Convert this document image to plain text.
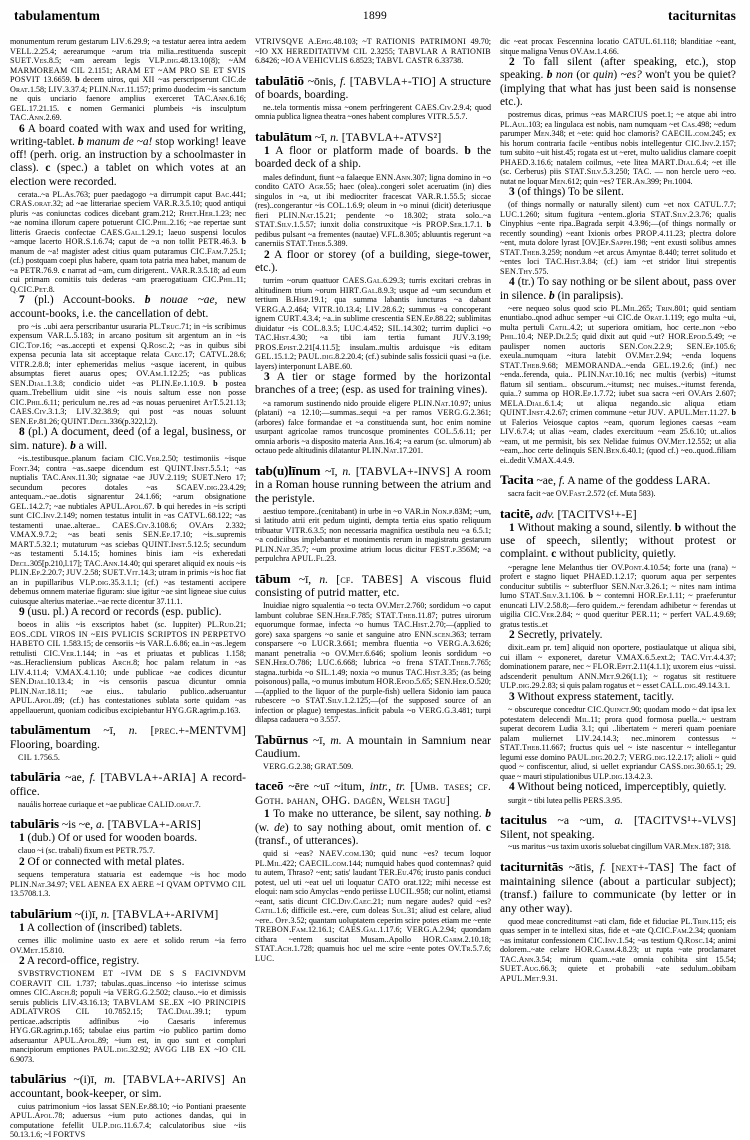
tabulamentum	1899	taciturnitas

monumentum rerum gestarum LIV.6.29.9; ~a testatur aerea intra aedem VELL.2.25.4; aerearumque ~arum tria milia..restituenda suscepit SUET.Ves.8.5; ~am aeream legis VLP.dig.48.13.10(8); ~AM MARMOREAM CIL 2.1151; ARAM ET ~AM PRO SE ET SVIS POSVIT 13.6659. b decem uiros, qui XII ~as perscripserunt CIC.de Orat.1.58; LIV.3.37.4; PLIN.Nat.11.157; primo duodecim ~is sanctum ne quis unciario faenore amplius exerceret TAC.Ann.6.16; GEL.17.21.15. c nomen Germanici plumbeis ~is insculptum TAC.Ann.2.69.

6 A board coated with wax and used for writing, writing-tablet. b manum de ~a! stop working! leave off! (perh. orig. an instruction by a schoolmaster in class). c (spec.) a tablet on which votes at an election were recorded.

cerata..~a PL.As.763; puer paedagogo ~a dirrumpit caput Bac.441; CRAS.orat.32; ad ~ae litterariae speciem VAR.R.3.5.10; quod antiqui pluris ~as coniunctas codices dicebant gram.212; Rhet.Her.1.23; nec ~ae nomina illorum capere potuerunt CIC.Phil.2.16; ~ae repertae sunt litteris Graecis confectae CAES.Gal.1.29.1; laeuo suspensi loculos ~amque lacerto HOR.S.1.6.74; caput de ~a non tollit PETR.46.3. b manum de ~a! magister adest citius quam putaramus CIC.Fam.7.25.1; (cf.) postquam coepi plus habere, quam tota patria mea habet, manum de ~a PETR.76.9. c narrat ad ~am, cum dirigerent.. VAR.R.3.5.18; ad eum cui primam comitiis tuis dederas ~am praerogatiuam CIC.Phil.11; Q.CIC.Pet.8.

7 (pl.) Account-books. b nouae ~ae, new account-books, i.e. the cancellation of debt.

pro ~is ..ubi aera perscribantur usuraria PL.Truc.71; in ~is scribimus expensum VAR.L.5.183; in arcano positum sit argentum an in ~is CIC.Top.16; ~as..accepti et expensi Q.Rosc.2; ~as in quibus sibi expensa pecunia lata sit acceptaque relata Caec.17; CATVL.28.6; VITR.2.8.8; inter ephemeridas melius ~asque iacerent, in quibus absumptas fieret auarus opes; OV.Am.1.12.25; ~as publicas SEN.Dial.1.3.8; condicio uidet ~as PLIN.Ep.1.10.9. b postea quam..Trebellium uidit sine ~is nouis saltum esse non posse CIC.Phil.6.11; periculum ne..res ad ~as nouas perueniret AtT.5.21.13; CAES.Civ.3.1.3; LIV.32.38.9; qui post ~as nouas soluunt SEN.Ep.81.26; QUINT.Decl.336(p.322,l.2).

8 (pl.) A document, deed (of a legal, business, or sim. nature). b a will.

~is..testibusque..planum faciam CIC.Ver.2.50; testimoniis ~isque Font.34; contra ~as..saepe dicendum est QUINT.Inst.5.5.1; ~as nuptialis TAC.Ann.11.30; signatae ~ae JUV.2.119; SUET.Nero 17; secundum pecores dotales ~as SCAEV.dig.23.4.29; antequam..~ae..dotis signarentur 24.1.66; ~arum obsignatione GEL.14.2.7; ~ae nubtiales APUL.Apol.67. b qui heredes in ~is scripti sunt CIC.Inv.2.149; nomen testatus intulit in ~as CATVL.68.122; ~as testamenti unae..alterae.. CAES.Civ.3.108.6; OV.Ars 2.332; V.MAX.9.7.2; ~as beati senis SEN.Ep.17.10; ~is..supremis MART.5.32.1; mutaturum ~as sciebas QUINT.Inst.5.12.5; secundum ~as testamenti 5.14.15; homines binis iam ~is exheredati Decl.305[p.210,l.17]; TAC.Ann.14.40; qui speraret aliquid ex nouis ~is PLIN.Ep.2.20.7; JUV.2.58; SUET.Vit.14.3; utram in primis ~is hoc fiat an in pupillaribus VLP.dig.35.3.1.1; (cf.) ~as testamenti accipere debemus omnem materiae figuram: siue igitur ~ae sint ligneae siue cuius cuiusque alterius materiae..~ae recte dicentur 37.11.1.

9 (usu. pl.) A record or records (esp. public).

boeos in aliis ~is exscriptos habet (sc. Iuppiter) PL.Rud.21; EOS..CDL VIROS IN ~EIS PVLICIS SCRIPTOS IN PERPETVO HABETO CIL 1.583.15; de censoriis ~is VAR.L.6.86; ea..in ~as..legem rettulisti CIC.Ver.1.144; in ~as et priuatas et publicas 1.158; ~as..Heracliensium publicas Arch.8; hoc palam relatum in ~as LIV.4.11.4; V.MAX.4.1.10; unde publicae ~ae codices dicuntur SEN.Dial.10.13.4; in ~is censoriis pascua dicuntur omnia PLIN.Nat.18.11; ~ae eius.. tabulario publico..adseruantur APUL.Apol.89; (cf.) has contestationes sublata sorte quidam ~as appellauerunt, quoniam codicibus excipiebantur HYG.GR.agrim.p.163.

tabulāmentum ~ī, n. [prec.+-MENTVM] Flooring, boarding.

CIL 1.756.5.

tabulāria ~ae, f. [TABVLA+-ARIA] A record-office.

nauális horreae curiaque et ~ae publicae CALID.orat.7.

tabulāris ~is ~e, a. [TABVLA+-ARIS]

1 (dub.) Of or used for wooden boards.

clauo ~i (sc. trabali) fixum est PETR.75.7.

2 Of or connected with metal plates.

sequens temperatura statuaria est eademque ~is hoc modo PLIN.Nat.34.97; VEL AENEA EX AERE ~I QVAM OPTVMO CIL 13.5708.1.3.

tabulārium ~(i)ī, n. [TABVLA+-ARIVM]

1 A collection of (inscribed) tablets.

cernes illic molimine uasto ex aere et solido rerum ~ia ferro OV.Met.15.810.

2 A record-office, registry.

SVBSTRVCTIONEM ET ~IVM DE S S FACIVNDVM COERAVIT CIL 1.737; tabulas..quas..incenso ~io interisse scimus omnes CIC.Arch.8; populi ~ia VERG.G.2.502; clauso..~io et dimissis seruis publicis LIV.43.16.13; TABVLAM SE..EX ~IO PRINCIPIS ADLATVROS CIL 10.7852.15; TAC.Dial.39.1; typum perticae..adscriptis adfinibus ~io Caesaris inferemus HYG.GR.agrim.p.165; tabulae eius partim ~io publico partim domo adseruantur APUL.Apol.89; ~ium est, in quo sunt et compluri mancipiorum emptiones PAUL.dig.32.92; AVGG LIB EX ~IO CIL 6.9073.

tabulārius ~(i)ī, m. [TABVLA+-ARIVS] An accountant, book-keeper, or sim.

cuius patrimonium ~ios lassat SEN.Ep.88.10; ~io Pontiani praesente APUL.Apol.78; aduersus ~ium puto actiones dandas, qui in computatione fefellit ULP.dig.11.6.7.4; calculatoribus siue ~iis 50.13.1.6; ~I FORTVS

VTRIVSQVE A.Epig.48.103; ~T RATIONIS PATRIMONI 49.70; ~IO XX HEREDITATIVM CIL 2.3255; TABVLAR A RATIONIB 6.8426; ~IO A VEHICVLIS 6.8523; TABVL CASTR 6.33738.

tabulātiō ~ōnis, f. [TABVLA+-TIO] A structure of boards, boarding.

ne..tela tormentis missa ~onem perfringerent CAES.Civ.2.9.4; quod omnia publica lignea theatra ~ones habent complures VITR.5.5.7.

tabulātum ~ī, n. [TABVLA+-ATVS²]

1 A floor or platform made of boards. b the boarded deck of a ship.

males defindunt, fiunt ~a falaeque ENN.Ann.307; ligna domino in ~o condito CATO Agr.55; haec (olea)..congeri solet aceruatim (in) dies singulos in ~a, ut ibi mediocriter fracescat VAR.R.1.55.5; siccae (res)..congerantur ~is COL.1.6.9; oleum in ~o minui (dicit) deteriusque fieri PLIN.Nat.15.21; pendente ~o 18.302; strata solo..~a STAT.Silv.1.5.57; iunxit dolia construxitque ~is PROP.Ser.1.7.1. b pedibus pulsant ~a frementes (nautae) V.FL.8.305; abluuntis regerunt ~a canerniis STAT.Theb.5.389.

2 A floor or storey (of a building, siege-tower, etc.).

turrim ~orum quattuor CAES.Gal.6.29.3; turris excitari crebras in altitudinem trium ~orum HIRT.Gal.8.9.3; usque ad ~um secundum et tertium B.Hisp.19.1; qua summa labantis iuncturas ~a dabant VERG.A.2.464; VITR.10.13.4; LIV.28.6.2; summus ~a concoperant ignem CURT.4.3.4; ~a..in sublime crescentia SEN.Ep.88.22; sublimitas diuidatur ~is COL.8.3.5; LUC.4.452; SIL.14.302; turrim duplici ~o TAC.Hist.4.30; ~a tibi iam tertia fumant JUV.3.199; PROS.Epist.2.21[4.11.5]; insulam..multis arduisque ~is editam GEL.15.1.2; PAUL.dig.8.2.20.4; (cf.) subinde salis fossicii quasi ~a (i.e. layers) interponunt LABE.60.

3 A tier or stage formed by the horizontal branches of a tree; (esp. as used for training vines).

~a ramorum sustinendo nido prouide eligere PLIN.Nat.10.97; unius (platani) ~a 12.10;—summas..sequi ~a per ramos VERG.G.2.361; (arbores) falce formandae et ~a constituenda sunt, hoc enim nomine usurpant agricolae ramos truncosque prominentes COL.5.6.11; per omnia arboris ~a disposito materia Arb.16.4; ~a earum (sc. ulmorum) ab octauo pede altitudinis dilatantur PLIN.Nat.17.201.

tab(u)līnum ~ī, n. [TABVLA+-INVS] A room in a Roman house running between the atrium and the peristyle.

aestiuo tempore..(cenitabant) in urbe in ~o VAR.in Non.p.83M; ~um, si latitudo atrii erit pedum uiginti, dempta tertia eius spatio reliquum tribuatur VITR.6.3.5; non necessaria magnifica uestibula neu ~a 6.5.1; ~a codiciibus implebantur et monimentis rerum in magistratu gestarum PLIN.Nat.35.7; ~um proxime atrium locus dicitur FEST.p.356M; ~a perpulchra APUL.Fl.23.

tābum ~ī, n. [cf. TABES] A viscous fluid consisting of putrid matter, etc.

Inuidiae nigro squalentia ~o tecta OV.Met.2.760; sordidum ~o caput lambunt colubrae SEN.Her.F.785; STAT.Theb.11.87; putres uirorum equorumque formae, infecta ~o humus TAC.Hist.2.70;—(applied to gore) saxa spargens ~o sanie et sanguine atro ENN.scen.363; terram consparsere ~o LUCR.3.661; membra fluentia ~o VERG.A.3.626; manant penetralia ~o OV.Met.6.646; spolium leonis sordidum ~o SEN.Her.O.786; LUC.6.668; lubrica ~o frena STAT.Theb.7.765; stagna..turbida ~o SIL.1.49; noxia ~o munus TAC.Hist.3.35; (as being poisonous) palla, ~o munus imbutum HOR.Epod.5.65; SEN.Her.O.520;—(applied to the liquor of the purple-fish) uellera Sidonio iam pauca rubescere ~o STAT.Silv.1.2.125;—(of the supposed source of an infection or plague) tempestas..inficit pabula ~o VERG.G.3.481; turpi dilapsa cadauera ~o 3.557.

Tabūrnus ~ī, m. A mountain in Samnium near Caudium.

VERG.G.2.38; GRAT.509.

taceō ~ēre ~uī ~itum, intr., tr. [Umb. tases; cf. Goth. þahan, OHG. dagēn, Welsh tagu]

1 To make no utterance, be silent, say nothing. b (w. de) to say nothing about, omit mention of. c (transf., of utterances).

quid si ~eas? NAEV.com.130; quid nunc ~es? tecum loquor PL.Mil.422; CAECIL.com.144; numquid habes quod contemnas? quid tu autem, Thraso? ~ent; satis' laudant TER.Eu.476; irusto panis conduci potest, uel uti ~eat uel uti loquatur CATO orat.122; mihi necesse est eloqui: nam scio Amyclas ~endo periisse LUCIL.958; cur nolint, etiamsi ~eant, satis dicunt CIC.Div.Caec.21; num negare audes? quid ~es? Catil.1.6; difficile est..~ere, cum doleas Sul.31; aliud est celare, aliud ~ere.. Off.3.52; quantam uoluptatem ceperim scire potes etiam me ~ente TREBON.Fam.12.16.1; CAES.Gal.1.17.6; VERG.A.2.94; quondam cithara ~entem suscitat Musam..Apollo HOR.Carm.2.10.18; STAT.Ach.1.728; quamuis hoc uel me scire ~ente potes OV.Tr.5.7.6; LUC.

dic ~eat procax Fescennina locatio CATUL.61.118; blanditiae ~eant, sitque maligna Venus OV.Am.1.4.66.

2 To fall silent (after speaking, etc.), stop speaking. b non (or quin) ~es? won't you be quiet? (implying that what has just been said is nonsense etc.).

postremus dicas, primus ~eas MARCIUS poet.1; ~e atque abi intro PL.Aul.103; ea lingulaca est nobis, nam numquam ~et Cas.498; ~edum parumper Men.348; et ~ete: quid hoc clamoris? CAECIL.com.245; ex his horum contraria facile ~entibus nobis intellegentur CIC.Inv.2.157; tum subito ~uit hist.45; rogata est ut ~eret, multo ualidius clamare coepit PHAED.3.16.6; natalem coilmus, ~ete litea MART.Dial.6.4; ~et ille (sc. Cerberus) piis STAT.Silv.5.3.250; TAC. — non hercle uero ~eo. nutat ne loquar Men.612; quin ~es? TER.An.399; Ph.1004.

3 (of things) To be silent.

(of things normally or naturally silent) cum ~et nox CATUL.7.7; LUC.1.260; situm fugitura ~entem..gloria STAT.Silv.2.3.76; qualis Cinyphius ~ente ripa..Bagrada serpit 4.3.96;—(of things normally or recently sounding) ~eant Ixionis orbes PROP.4.11.23; plectra dolore ~ent, muta dolore lyrast [OV.]Ep.Sapph.198; ~ent exusti solibus amnes STAT.Theb.3.259; nondum ~et arcus Amyntae 8.440; terret solitudo et ~entes loci TAC.Hist.3.84; (cf.) iam ~et stridor litui strepentis SEN.Thy.575.

4 (tr.) To say nothing or be silent about, pass over in silence. b (in paralipsis).

~ere nequeo solus quod scio PL.Mil.265; Trin.801; quid sentiam enuntiabo..qnod adhuc semper ~ui CIC.de Orat.1.119; ego multa ~ui, multa pertuli Catil.4.2; ut superiora omitiam, hoc certe..non ~ebo Phil.10.4; NEP.Di.2.5; quid dixit aut quid ~ut? HOR.Epod.5.49; ~e paulisper nomen auctoris SEN.Con.2.2.9; SEN.Ep.105.6; exeula..numquam ~itura latebit OV.Met.2.94; ~enda loquens STAT.Theb.9.68; MEMORANDA..~enda GEL.19.2.6; (inf.) nec ~enda..ferenda, quia.. PLIN.Nat.10.16; nec multis (verbis) ~itumst flatum sil sentiam.. obscurum..~itumst; nec muises..~itumst ferenda, quia..? summa op HOR.Ep.1.7.72; iubet sua sacra ~eri OV.Ars 2.607; MELA.Dial.6.1.4; ut aliqua negando..sic aliqua etiam QUINT.Inst.4.2.67; crimen commune ~etur JUV. APUL.Met.11.27. b ut Falerios Veiosque captos ~eam, quorum legiones caesas ~eam LIV.6.7.4; ut alias ~eam, clades exercituum ~eam 25.6.10; ut..alios ~eam, ut me permisit, bis sex Nelidae fuimus OV.Met.12.552; ut alia ~eam,..hoc certe delinquis SEN.Ben.6.40.1; (quod cf.) ~eo..quod..filiam ei..dedit V.MAX.4.4.9.

Tacita ~ae, f. A name of the goddess LARA.

sacra facit ~ae OV.Fast.2.572 (cf. Muta 583).

tacitē, adv. [TACITVS¹+-E]

1 Without making a sound, silently. b without the use of speech, silently; without protest or complaint. c without publicity, quietly.

~peragne lene Melanthus tier OV.Pont.4.10.54; forte una (rana) ~ profert e stagno liquet PHAED.1.2.17; quorum aqua per serpentes conducitur subtilis ~ subterfluor SEN.Nat.3.26.1; ~ nites nam intima lumo STAT.Silv.3.1.106. b ~ contemni HOR.Ep.1.11; ~ praeferuntur enuncati LIV.2.58.8;—fero quidem..~ ferendam adhibetur ~ ferendas ut uigilia CIC.Ver.2.84; ~ quod queritur PER.11; ~ perfert VAL.4.9.69; gratus testis..et

2 Secretly, privately.

dixit..eam pr. tem] aliquid non oportere, postiaulatque ut aliqua sibi, cui illam ~ exponeret, daretur V.MAX.6.5.ext.2; TAC.Vit.4.4.37; dominationem parare, nec ~ FLOR.Epit.2.11(4.1.1); uxorem eius ~uissi. adscenderit penultum ANN.Met.9.26(1.1); ~ rogatus sit restituere ULP.dig.29.2.83; si quis palam rogatus et ~ esset CALL.dig.49.14.3.1.

3 Without express statement, tacitly.

~ obscureque concedtur CIC.Quinct.90; quodam modo ~ dat ipsa lex potestatem delecendi Mil.11; prora quod formosa puella..~ uestram superat decorem Ludia 3.1; qui ..libertatem ~ mereri quam poeniare palam muliernet LIV.24.14.3; nec..minorem contessus ~ STAT.Theb.11.667; fructus quis uel ~ iste nascentur ~ intellegantur legumi esse domino PAUL.dig.20.2.7; VERG.dig.12.2.17; alioli ~ quid quod ~ confiscentur, aliud, si uellet expriandur CASS.dig.30.65.1; 29. quae ~ mauri stipulationibus ULP.dig.13.4.2.3.

4 Without being noticed, imperceptibly, quietly.

surgit ~ tibi lutea pellis PERS.3.95.

tacitulus ~a ~um, a. [TACITVS¹+-VLVS] Silent, not speaking.

~us maritus ~us taxim uxoris soluebat cingillum VAR.Men.187; 318.

taciturnitās ~ātis, f. [next+-TAS] The fact of maintaining silence (about a particular subject); (transf.) failure to communicate (by letter or in any other way).

quod meae concreditumst ~ati clam, fide et fiduciae PL.Trin.115; eis quas semper in te intellexi sitas, fide et ~ate Q.CIC.Fam.2.34; quoniam ~as imitatur confessionem CIC.Inv.1.54; ~as testium Q.Rosc.14; animi dolorem..~ate celare HOR.Carm.4.8.23; ut rupta ~ate proclamaret TAC.Ann.3.54; mirum quam..~ate omnia cohibita sint 15.54; SUET.Aug.66.3; quiete et probabili ~ate sedulum..obibam APUL.Met.9.31.
